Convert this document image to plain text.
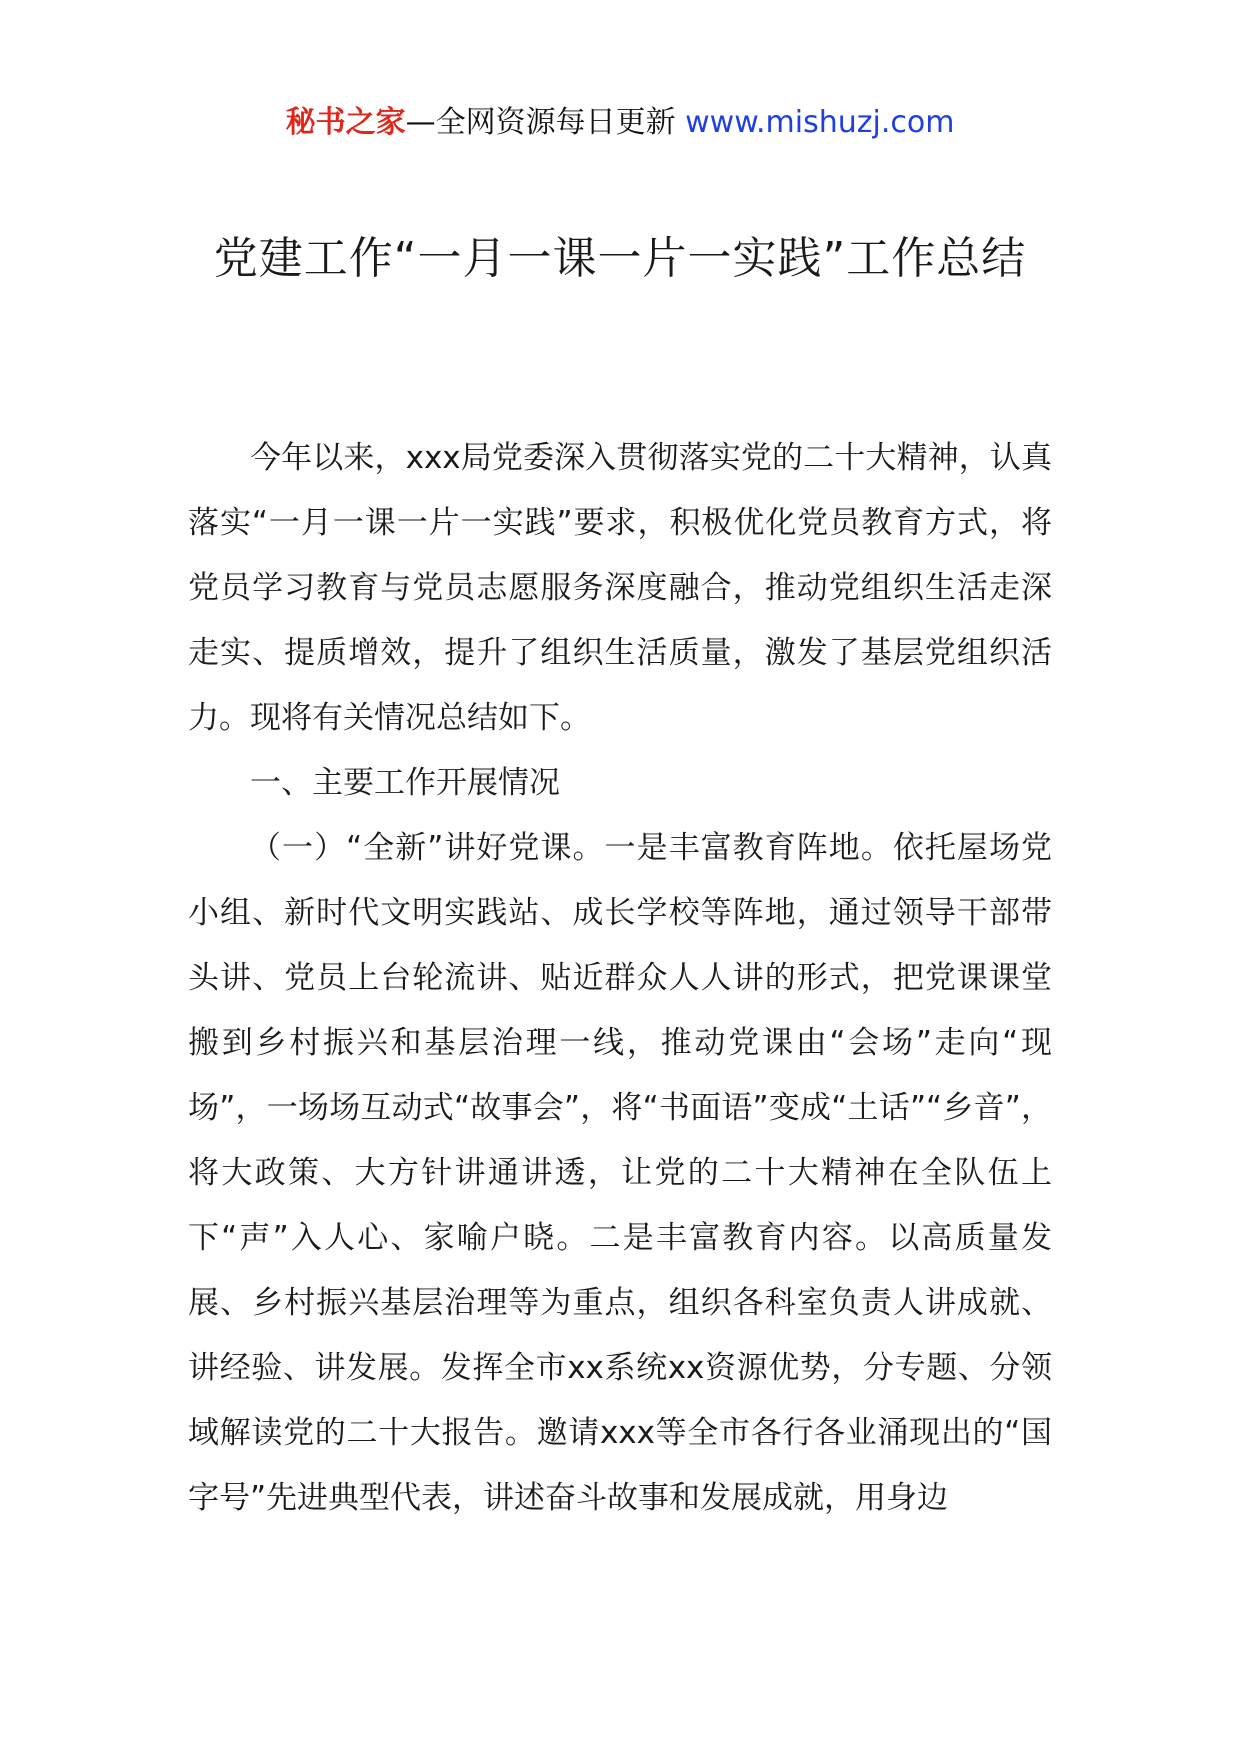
秘书之家—全网资源每日更新 www.mishuzj.com
党建工作“一月一课一片一实践”工作总结

今年以来，xxx局党委深入贯彻落实党的二十大精神，认真落实“一月一课一片一实践”要求，积极优化党员教育方式，将党员学习教育与党员志愿服务深度融合，推动党组织生活走深走实、提质增效，提升了组织生活质量，激发了基层党组织活力。现将有关情况总结如下。

一、主要工作开展情况

（一）“全新”讲好党课。一是丰富教育阵地。依托屋场党小组、新时代文明实践站、成长学校等阵地，通过领导干部带头讲、党员上台轮流讲、贴近群众人人讲的形式，把党课课堂搬到乡村振兴和基层治理一线，推动党课由“会场”走向“现场”，一场场互动式“故事会”，将“书面语”变成“土话”“乡音”，将大政策、大方针讲通讲透，让党的二十大精神在全队伍上下“声”入人心、家喻户晓。二是丰富教育内容。以高质量发展、乡村振兴基层治理等为重点，组织各科室负责人讲成就、讲经验、讲发展。发挥全市xx系统xx资源优势，分专题、分领域解读党的二十大报告。邀请xxx等全市各行各业涌现出的“国字号”先进典型代表，讲述奋斗故事和发展成就，用身边
